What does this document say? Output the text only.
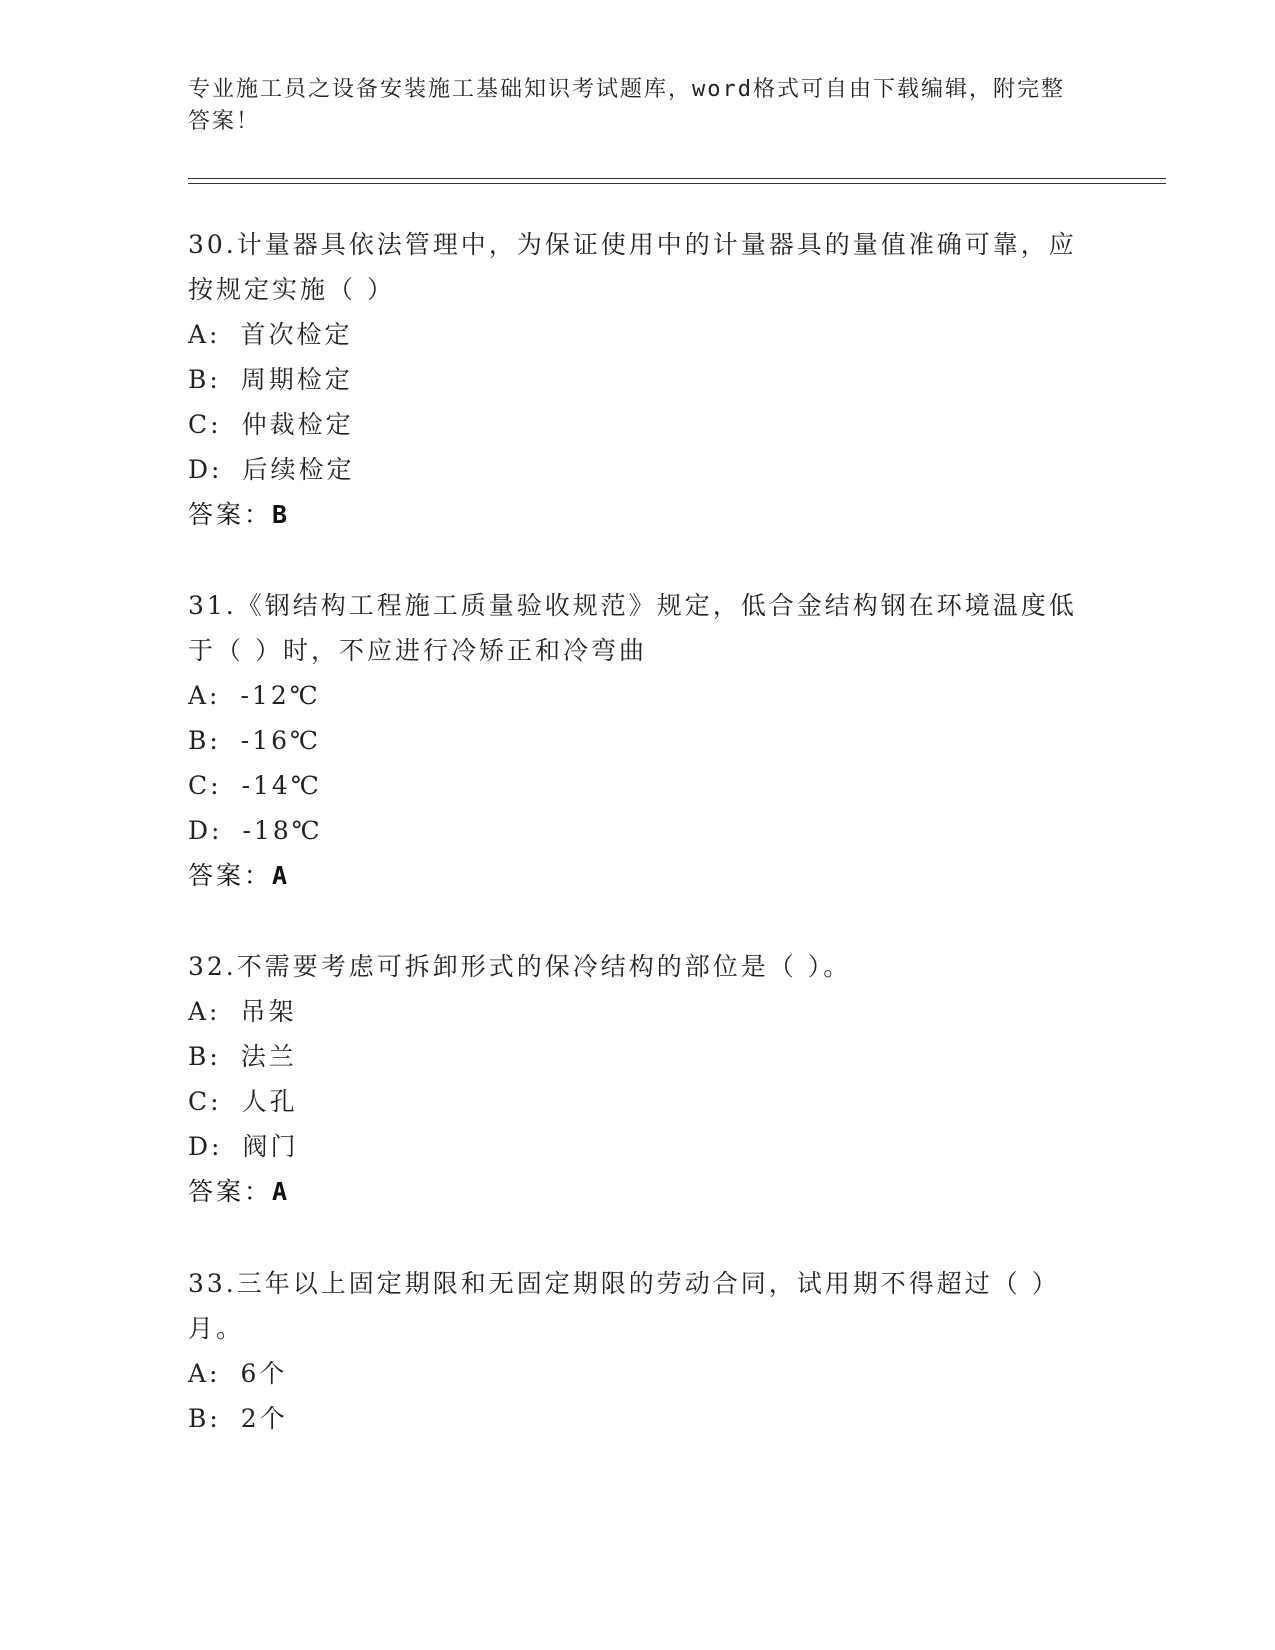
专业施工员之设备安装施工基础知识考试题库，word格式可自由下载编辑，附完整答案！
30.计量器具依法管理中，为保证使用中的计量器具的量值准确可靠，应按规定实施（ ）
A: 首次检定
B: 周期检定
C: 仲裁检定
D: 后续检定
答案：B
31.《钢结构工程施工质量验收规范》规定，低合金结构钢在环境温度低于（ ）时，不应进行冷矫正和冷弯曲
A: -12℃
B: -16℃
C: -14℃
D: -18℃
答案：A
32.不需要考虑可拆卸形式的保冷结构的部位是（ ）。
A: 吊架
B: 法兰
C: 人孔
D: 阀门
答案：A
33.三年以上固定期限和无固定期限的劳动合同，试用期不得超过（ ）月。
A: 6个
B: 2个
